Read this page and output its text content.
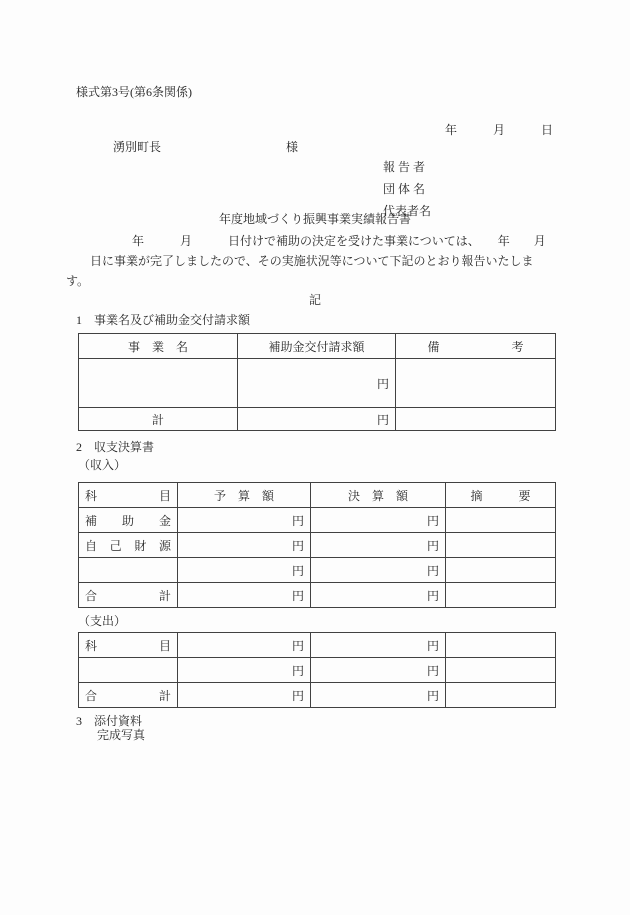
様式第3号(第6条関係)
年　　　月　　　日
湧別町長	様
報 告 者
団 体 名
代表者名
年度地域づくり振興事業実績報告書
年　　　月　　　日付けで補助の決定を受けた事業については、　　年　　月
日に事業が完了しましたので、その実施状況等について下記のとおり報告いたしま
す。
記
1　事業名及び補助金交付請求額
事　業　名	補助金交付請求額	備　　　　　　考
	円	
計	円	
2　収支決算書
（収入）
科　　目	予　算　額	決　算　額	摘　　　要
補　助　金	円	円	
自　己　財　源	円	円	
	円	円	
合　　計	円	円	
（支出）
科　　目	円	円	
	円	円	
合　　計	円	円	
3　添付資料
完成写真
